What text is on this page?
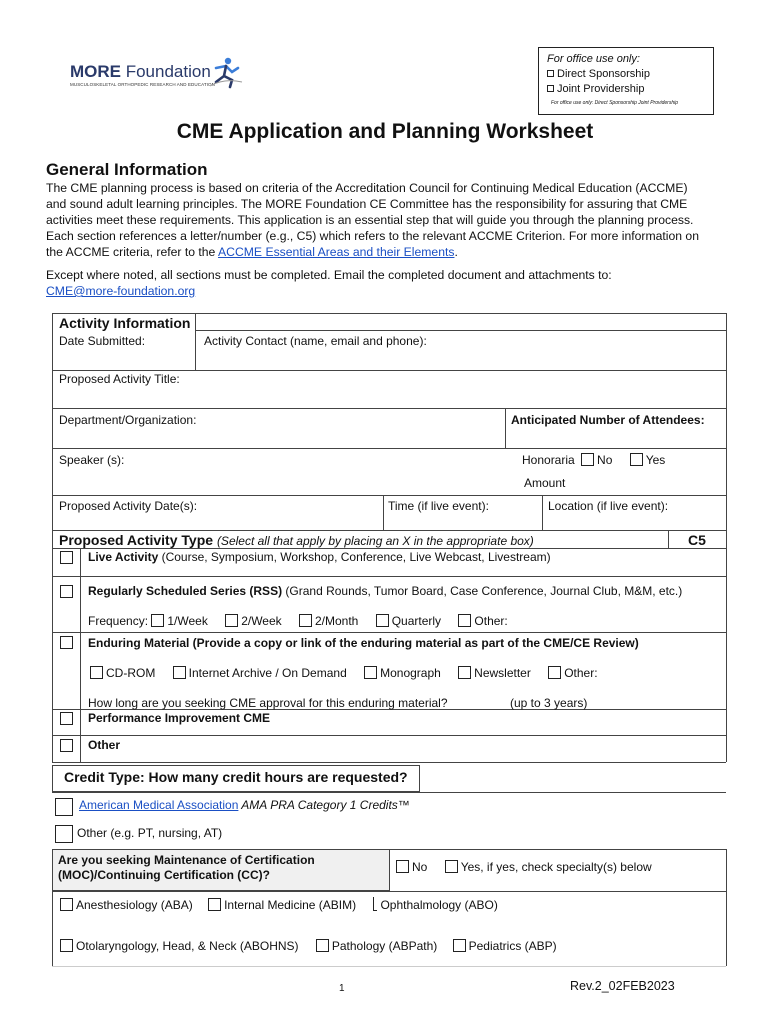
MORE Foundation
MUSCULOSKELETAL ORTHOPEDIC RESEARCH AND EDUCATION
For office use only:
Direct Sponsorship
Joint Providership
For office use only: Direct Sponsorship Joint Providership
CME Application and Planning Worksheet
General Information
The CME planning process is based on criteria of the Accreditation Council for Continuing Medical Education (ACCME)
and sound adult learning principles. The MORE Foundation CE Committee has the responsibility for assuring that CME
activities meet these requirements. This application is an essential step that will guide you through the planning process.
Each section references a letter/number (e.g., C5) which refers to the relevant ACCME Criterion. For more information on
the ACCME criteria, refer to the ACCME Essential Areas and their Elements.
Except where noted, all sections must be completed. Email the completed document and attachments to:
CME@more-foundation.org
Activity Information
Date Submitted:	Activity Contact (name, email and phone):
Proposed Activity Title:
Department/Organization:	Anticipated Number of Attendees:
Speaker (s):	Honoraria No	Yes
Amount
Proposed Activity Date(s):	Time (if live event):	Location (if live event):
Proposed Activity Type (Select all that apply by placing an X in the appropriate box)	C5
Live Activity (Course, Symposium, Workshop, Conference, Live Webcast, Livestream)
Regularly Scheduled Series (RSS) (Grand Rounds, Tumor Board, Case Conference, Journal Club, M&M, etc.)
Frequency: 1/Week	2/Week	2/Month	Quarterly	Other:
Enduring Material (Provide a copy or link of the enduring material as part of the CME/CE Review)
CD-ROM	Internet Archive / On Demand	Monograph	Newsletter	Other:
How long are you seeking CME approval for this enduring material?	(up to 3 years)
Performance Improvement CME
Other
Credit Type: How many credit hours are requested?
American Medical Association AMA PRA Category 1 Credits™
Other (e.g. PT, nursing, AT)
Are you seeking Maintenance of Certification
(MOC)/Continuing Certification (CC)?
No	Yes, if yes, check specialty(s) below
Anesthesiology (ABA)	Internal Medicine (ABIM) Ophthalmology (ABO)
Otolaryngology, Head, & Neck (ABOHNS)	Pathology (ABPath)	Pediatrics (ABP)
1	Rev.2_02FEB2023
